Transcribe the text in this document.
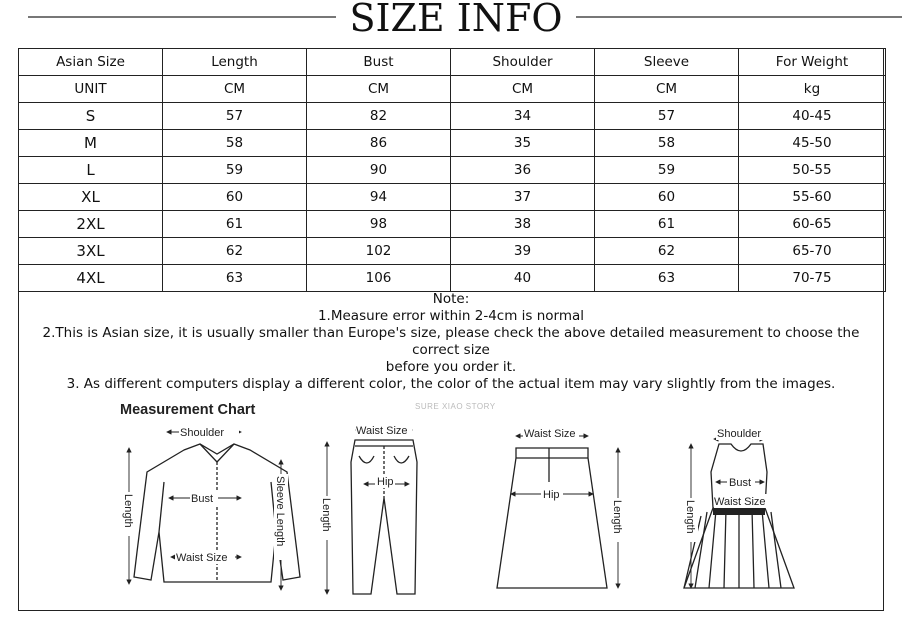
SIZE INFO
Asian Size	Length	Bust	Shoulder	Sleeve	For Weight
UNIT	CM	CM	CM	CM	kg
S	57	82	34	57	40-45
M	58	86	35	58	45-50
L	59	90	36	59	50-55
XL	60	94	37	60	55-60
2XL	61	98	38	61	60-65
3XL	62	102	39	62	65-70
4XL	63	106	40	63	70-75
Note:
1.Measure error within 2-4cm is normal
2.This is Asian size, it is usually smaller than Europe's size, please check the above detailed measurement to choose the correct size
before you order it.
3. As different computers display a different color, the color of the actual item may vary slightly from the images.
Measurement Chart	SURE XIAO STORY
Shoulder
Bust
Waist Size
Length	Sleeve Length
Waist Size
Hip
Length
Waist Size
Hip
Length
Shoulder
Bust
Waist Size
Length
